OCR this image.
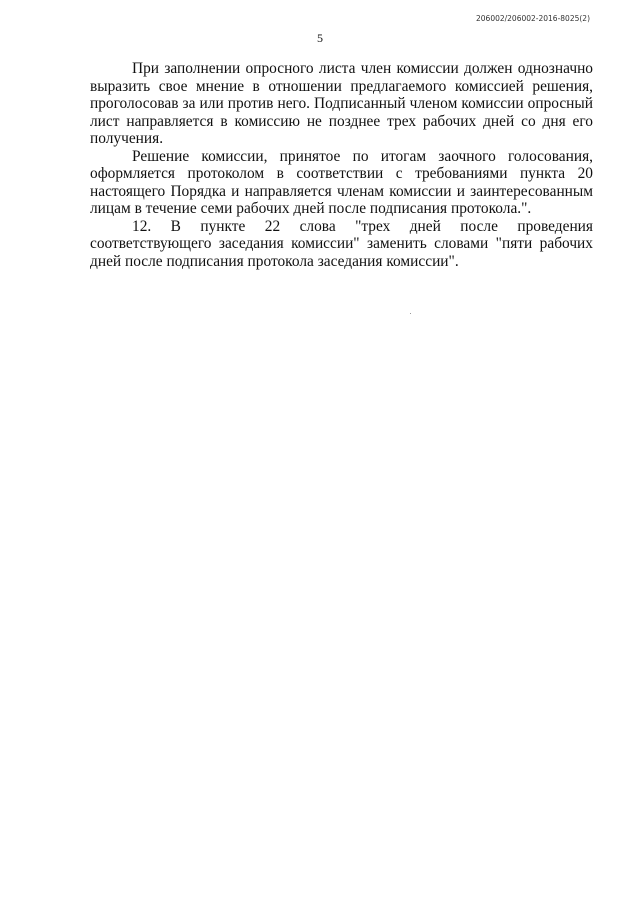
206002/206002-2016-8025(2)
5

При заполнении опросного листа член комиссии должен однозначно выразить свое мнение в отношении предлагаемого комиссией решения, проголосовав за или против него. Подписанный членом комиссии опросный лист направляется в комиссию не позднее трех рабочих дней со дня его получения.

Решение комиссии, принятое по итогам заочного голосования, оформляется протоколом в соответствии с требованиями пункта 20 настоящего Порядка и направляется членам комиссии и заинтересованным лицам в течение семи рабочих дней после подписания протокола.".

12. В пункте 22 слова "трех дней после проведения соответствующего заседания комиссии" заменить словами "пяти рабочих дней после подписания протокола заседания комиссии".
